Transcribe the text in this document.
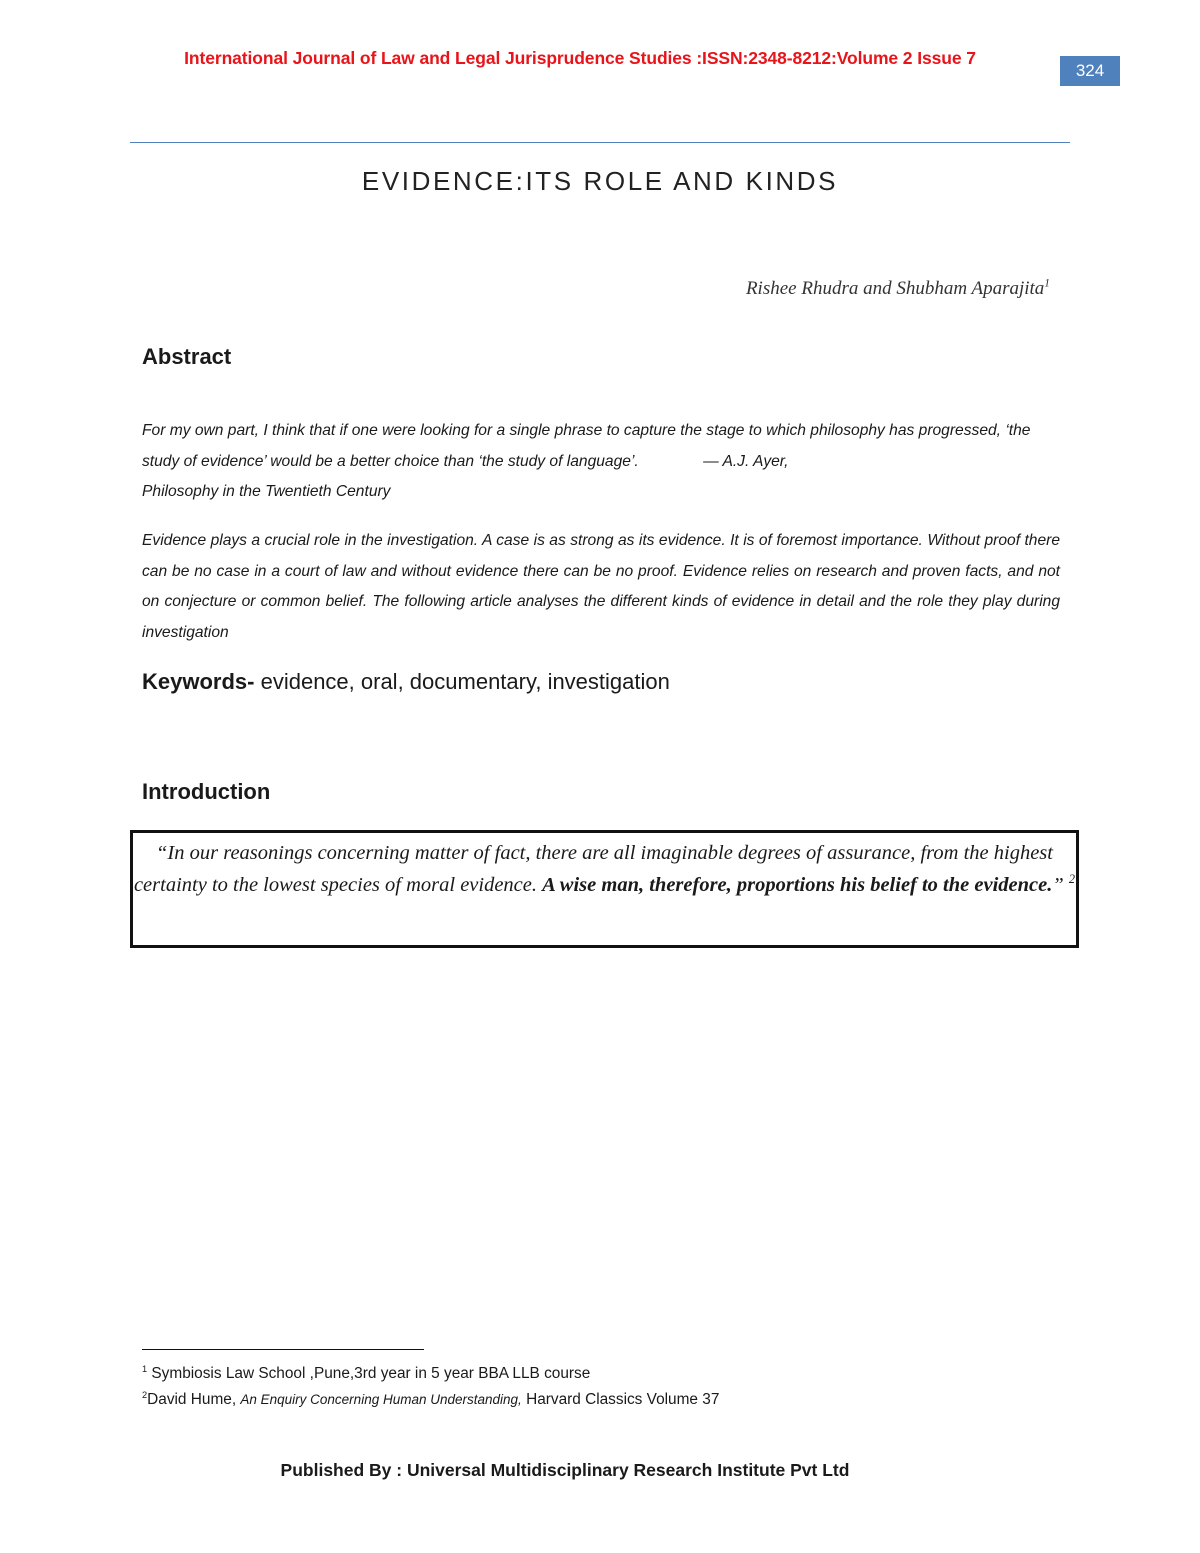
International Journal of Law and Legal Jurisprudence Studies :ISSN:2348-8212:Volume 2 Issue 7
324
EVIDENCE:ITS ROLE AND KINDS
Rishee Rhudra and Shubham Aparajita$^1$
Abstract
For my own part, I think that if one were looking for a single phrase to capture the stage to which philosophy has progressed, ‘the study of evidence’ would be a better choice than ‘the study of language’.	— A.J. Ayer,
Philosophy in the Twentieth Century
Evidence plays a crucial role in the investigation. A case is as strong as its evidence. It is of foremost importance. Without proof there can be no case in a court of law and without evidence there can be no proof. Evidence relies on research and proven facts, and not on conjecture or common belief. The following article analyses the different kinds of evidence in detail and the role they play during investigation
Keywords- evidence, oral, documentary, investigation
Introduction
“In our reasonings concerning matter of fact, there are all imaginable degrees of assurance, from the highest certainty to the lowest species of moral evidence. A wise man, therefore, proportions his belief to the evidence.” $^2$
$^1$ Symbiosis Law School ,Pune,3rd year in 5 year BBA LLB course
$^2$David Hume, An Enquiry Concerning Human Understanding, Harvard Classics Volume 37
Published By : Universal Multidisciplinary Research Institute Pvt Ltd
